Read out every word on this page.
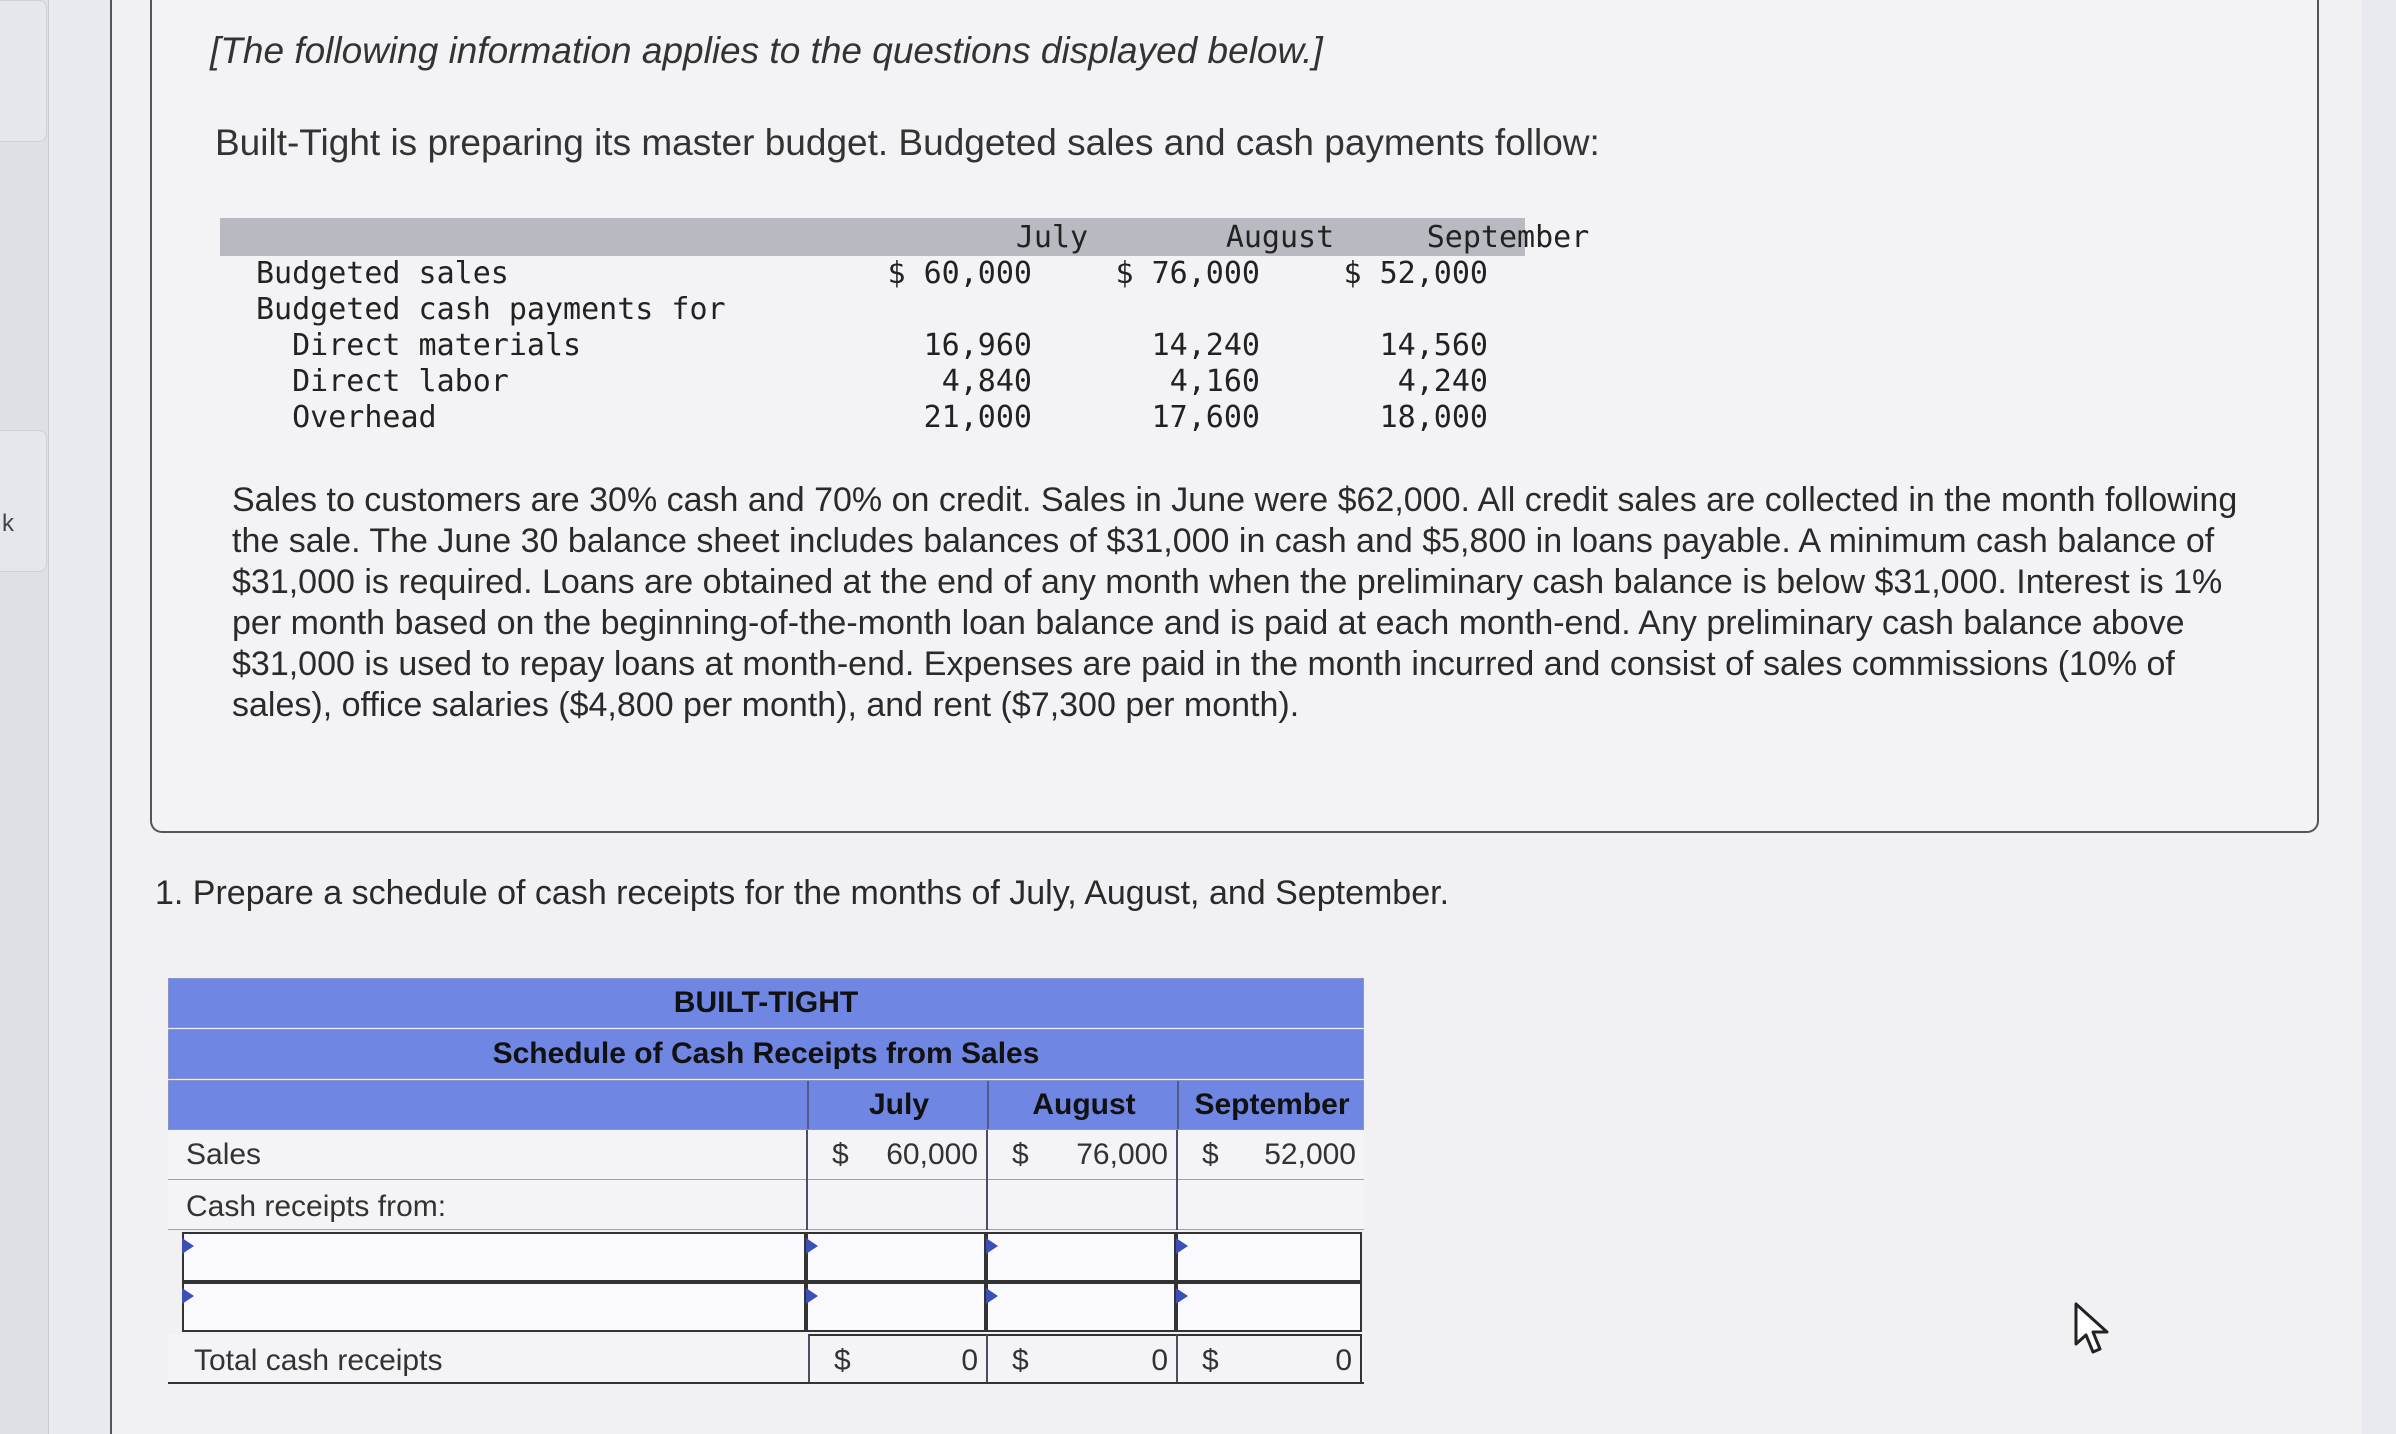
k
[The following information applies to the questions displayed below.]
Built-Tight is preparing its master budget. Budgeted sales and cash payments follow:
July	August	September
Budgeted sales	$ 60,000	$ 76,000	$ 52,000
Budgeted cash payments for
Direct materials	16,960	14,240	14,560
Direct labor	4,840	4,160	4,240
Overhead	21,000	17,600	18,000
Sales to customers are 30% cash and 70% on credit. Sales in June were $62,000. All credit sales are collected in the month following the sale. The June 30 balance sheet includes balances of $31,000 in cash and $5,800 in loans payable. A minimum cash balance of $31,000 is required. Loans are obtained at the end of any month when the preliminary cash balance is below $31,000. Interest is 1% per month based on the beginning-of-the-month loan balance and is paid at each month-end. Any preliminary cash balance above $31,000 is used to repay loans at month-end. Expenses are paid in the month incurred and consist of sales commissions (10% of sales), office salaries ($4,800 per month), and rent ($7,300 per month).
1. Prepare a schedule of cash receipts for the months of July, August, and September.
BUILT-TIGHT
Schedule of Cash Receipts from Sales
July	August	September
Sales	$ 60,000 $ 76,000 $ 52,000
Cash receipts from:
Total cash receipts	$	0 $	0 $	0
